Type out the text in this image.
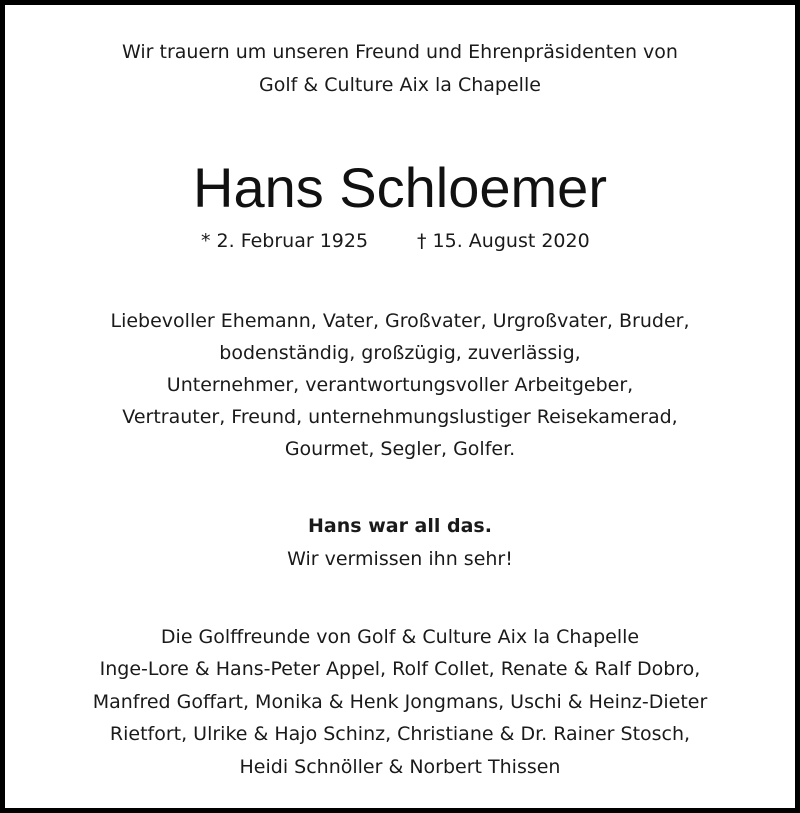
Wir trauern um unseren Freund und Ehrenpräsidenten von
Golf & Culture Aix la Chapelle
Hans Schloemer
* 2. Februar 1925	† 15. August 2020
Liebevoller Ehemann, Vater, Großvater, Urgroßvater, Bruder,
bodenständig, großzügig, zuverlässig,
Unternehmer, verantwortungsvoller Arbeitgeber,
Vertrauter, Freund, unternehmungslustiger Reisekamerad,
Gourmet, Segler, Golfer.
Hans war all das.
Wir vermissen ihn sehr!
Die Golffreunde von Golf & Culture Aix la Chapelle
Inge-Lore & Hans-Peter Appel, Rolf Collet, Renate & Ralf Dobro,
Manfred Goffart, Monika & Henk Jongmans, Uschi & Heinz-Dieter
Rietfort, Ulrike & Hajo Schinz, Christiane & Dr. Rainer Stosch,
Heidi Schnöller & Norbert Thissen
